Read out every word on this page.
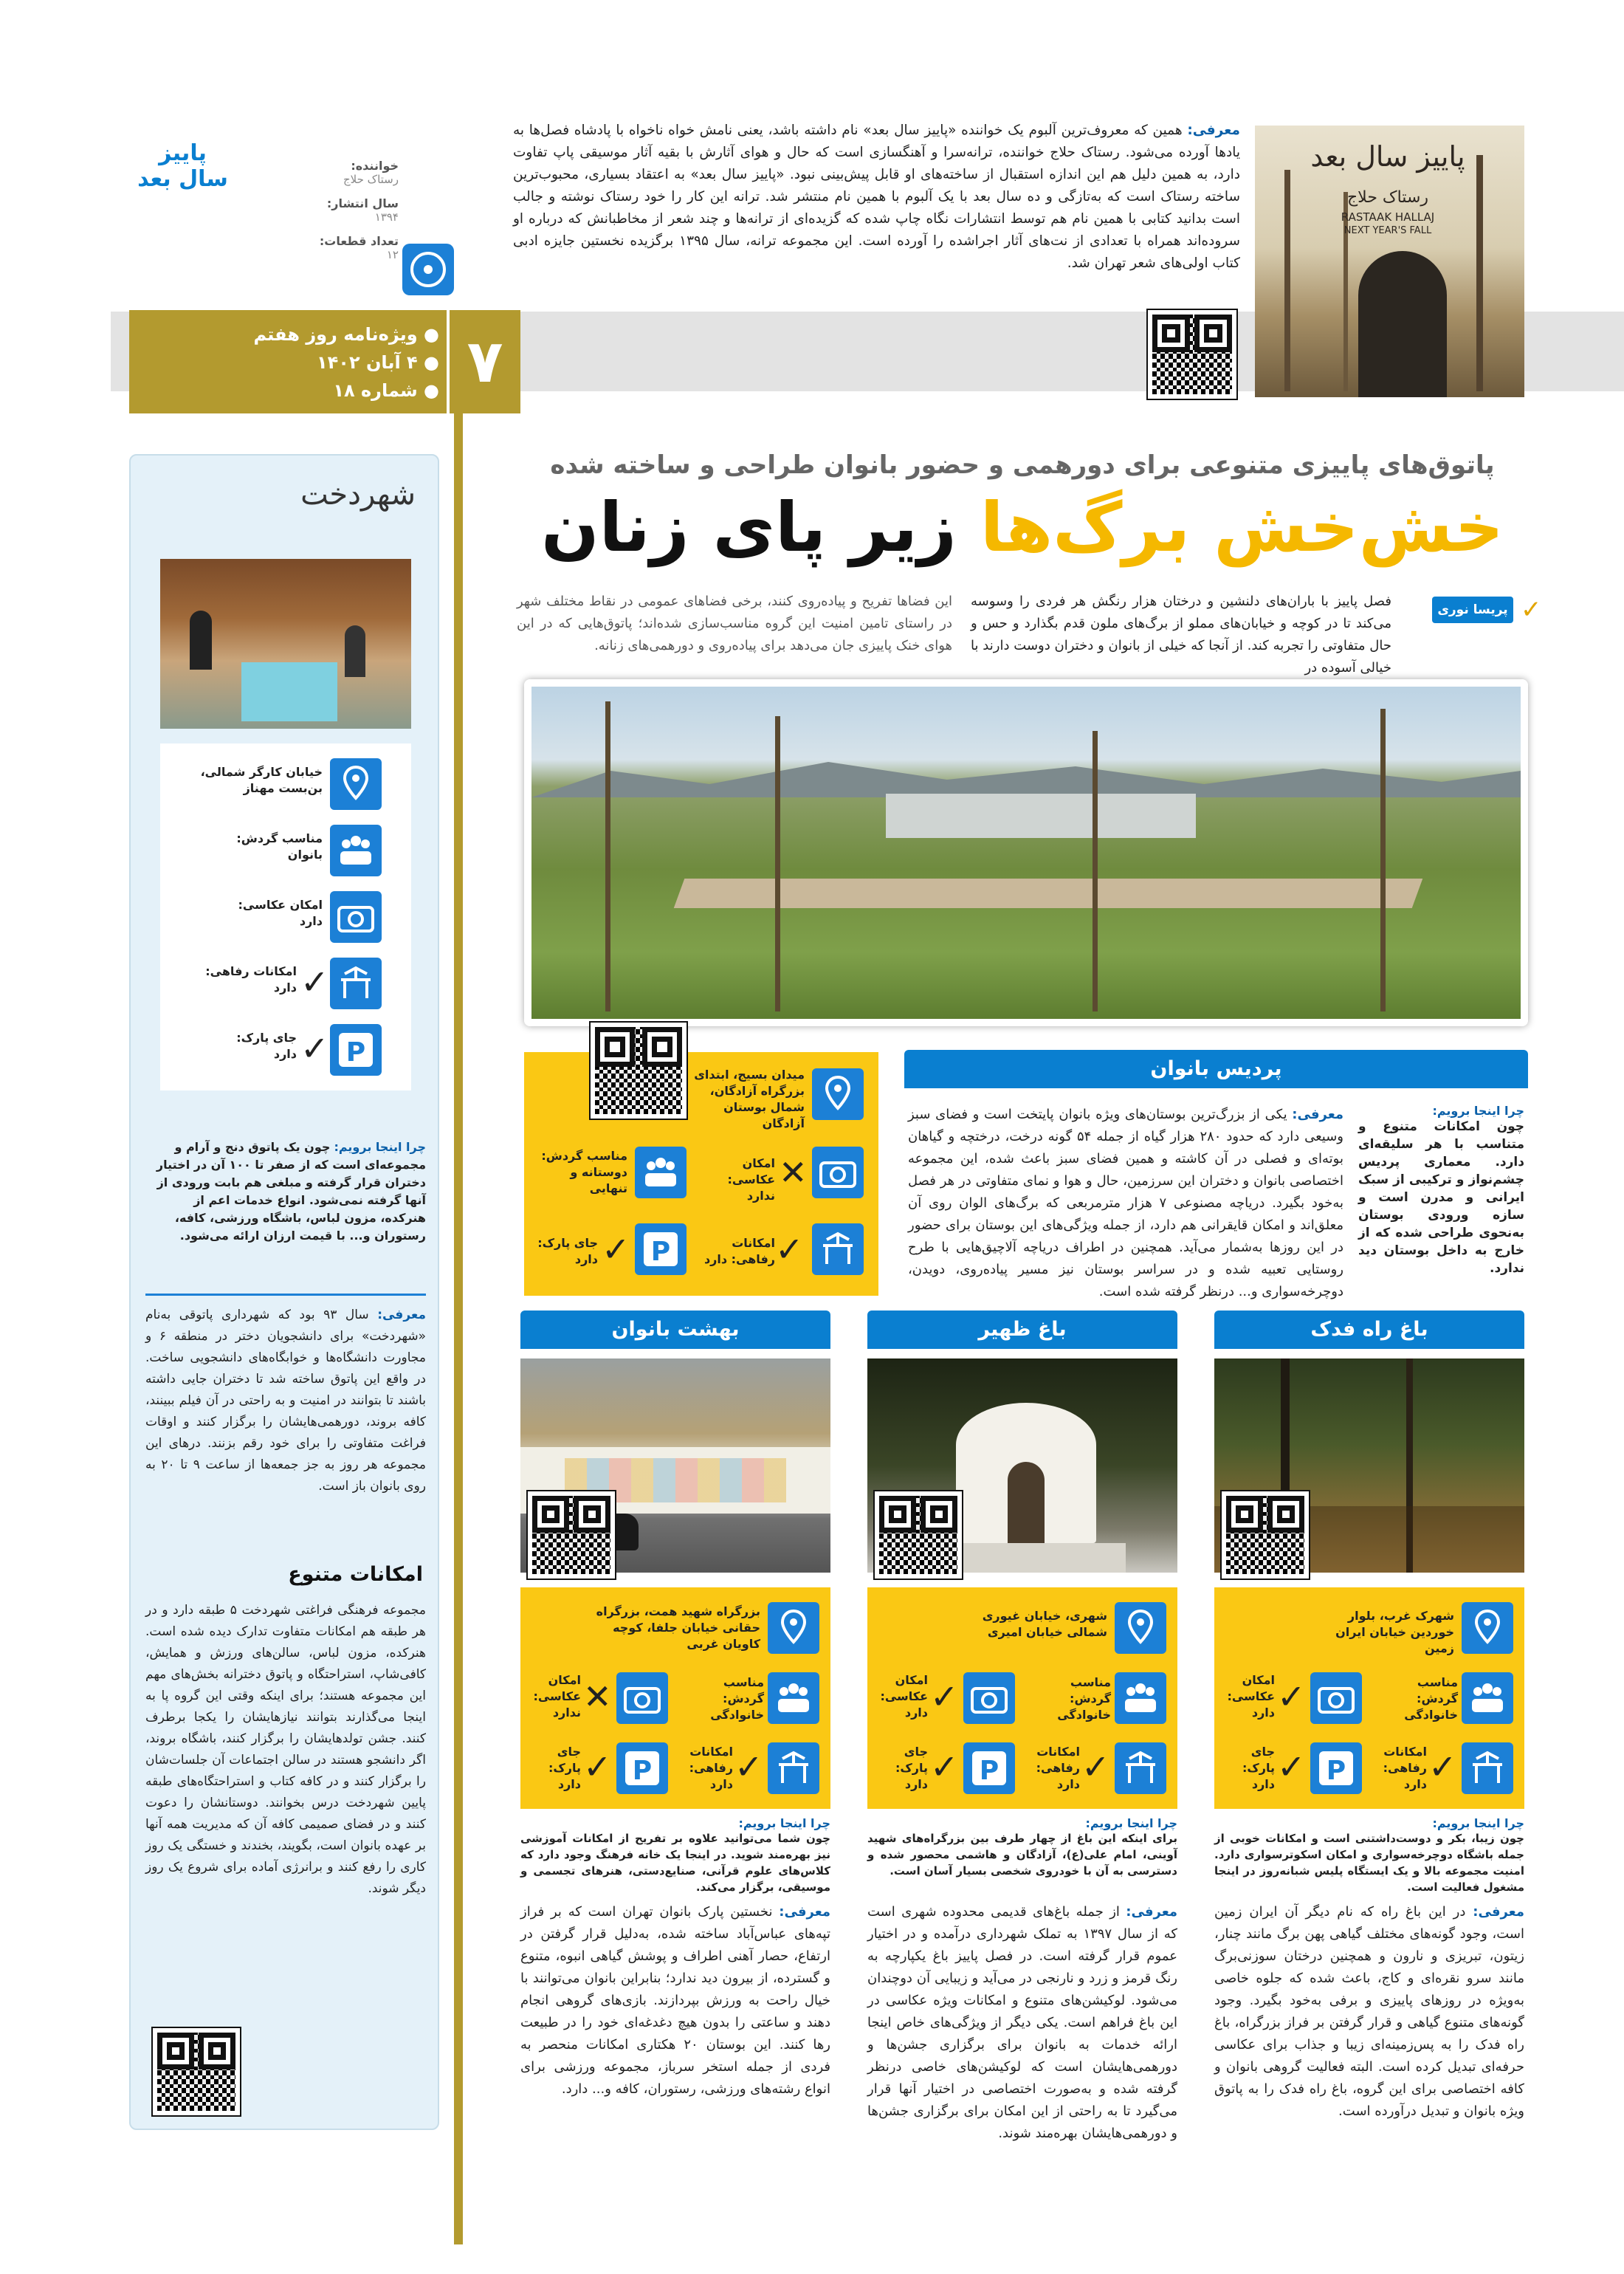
پاییز سال بعد
رستاک حلاج
RASTAAK HALLAJ
NEXT YEAR'S FALL
معرفی: همین که معروف‌ترین آلبوم یک خواننده «پاییز سال بعد» نام داشته باشد، یعنی نامش خواه ناخواه با پادشاه فصل‌ها به یادها آورده می‌شود. رستاک حلاج خواننده، ترانه‌سرا و آهنگسازی است که حال و هوای آثارش با بقیه آثار موسیقی پاپ تفاوت دارد، به همین دلیل هم این اندازه استقبال از ساخته‌های او قابل پیش‌بینی نبود. «پاییز سال بعد» به اعتقاد بسیاری، محبوب‌ترین ساخته رستاک است که به‌تازگی و ده سال بعد با یک آلبوم با همین نام منتشر شد. ترانه این کار را خود رستاک نوشته و جالب است بدانید کتابی با همین نام هم توسط انتشارات نگاه چاپ شده که گزیده‌ای از ترانه‌ها و چند شعر از مخاطبانش که درباره او سروده‌اند همراه با تعدادی از نت‌های آثار اجراشده را آورده است. این مجموعه ترانه، سال ۱۳۹۵ برگزیده نخستین جایزه ادبی کتاب اولی‌های شعر تهران شد.
خواننده:
رستاک حلاج
سال انتشار:
۱۳۹۴
تعداد قطعات:
۱۲
پاییز
سال بعد
۷
● ویژه‌نامه روز هفتم
● ۴ آبان ۱۴۰۲
● شماره ۱۸
پاتوق‌های پاییزی متنوعی برای دورهمی و حضور بانوان طراحی و ساخته شده
خش‌خش برگ‌ها زیر پای زنان
پریسا نوری ✓
فصل پاییز با باران‌های دلنشین و درختان هزار رنگش هر فردی را وسوسه می‌کند تا در کوچه و خیابان‌های مملو از برگ‌های ملون قدم بگذارد و حس و حال متفاوتی را تجربه کند. از آنجا که خیلی از بانوان و دختران دوست دارند با خیالی آسوده در
این فضاها تفریح و پیاده‌روی کنند، برخی فضاهای عمومی در نقاط مختلف شهر در راستای تامین امنیت این گروه مناسب‌سازی شده‌اند؛ پاتوق‌هایی که در این هوای خنک پاییزی جان می‌دهد برای پیاده‌روی و دورهمی‌های زنانه.
پردیس بانوان
معرفی: یکی از بزرگ‌ترین بوستان‌های ویژه بانوان پایتخت است و فضای سبز وسیعی دارد که حدود ۲۸۰ هزار گیاه از جمله ۵۴ گونه درخت، درختچه و گیاهان بوته‌ای و فصلی در آن کاشته و همین فضای سبز باعث شده، این مجموعه اختصاصی بانوان و دختران این سرزمین، حال و هوا و نمای متفاوتی در هر فصل به‌خود بگیرد. دریاچه مصنوعی ۷ هزار مترمربعی که برگ‌های الوان روی آن معلق‌اند و امکان قایقرانی هم دارد، از جمله ویژگی‌های این بوستان برای حضور در این روزها به‌شمار می‌آید. همچنین در اطراف دریاچه آلاچیق‌هایی با طرح روستایی تعبیه شده و در سراسر بوستان نیز مسیر پیاده‌روی، دویدن، دوچرخه‌سواری و... درنظر گرفته شده است.
چرا اینجا برویم:
چون امکانات متنوع و متناسب با هر سلیقه‌ای دارد. معماری پردیس چشم‌نواز و ترکیبی از سبک ایرانی و مدرن است و سازه ورودی بوستان به‌نحوی طراحی شده که از خارج به داخل بوستان دید ندارد.
میدان بسیج، ابتدای بزرگراه آزادگان، شمال بوستان آزادگان
✕
امکان عکاسی: ندارد
مناسب گردش: دوستانه و تنهایی
✓
امکانات رفاهی: دارد
P
✓
جای پارک: دارد
باغ راه فدک
شهرک غرب، بلوار خوردین خیابان ایران زمین
مناسب گردش: خانوادگی
✓
امکان عکاسی: دارد
✓
امکانات رفاهی: دارد
P
✓
جای پارک: دارد
چرا اینجا برویم:
چون زیبا، بکر و دوست‌داشتنی است و امکانات خوبی از جمله باشگاه دوچرخه‌سواری و امکان اسکوترسواری دارد. امنیت مجموعه بالا و یک ایستگاه پلیس شبانه‌روز در اینجا مشغول فعالیت است.
معرفی: در این باغ راه که نام دیگر آن ایران زمین است، وجود گونه‌های مختلف گیاهی پهن برگ مانند چنار، زیتون، تبریزی و نارون و همچنین درختان سوزنی‌برگ مانند سرو نقره‌ای و کاج، باعث شده که جلوه خاصی به‌ویژه در روزهای پاییزی و برفی به‌خود بگیرد. وجود گونه‌های متنوع گیاهی و قرار گرفتن بر فراز بزرگراه، باغ راه فدک را به پس‌زمینه‌ای زیبا و جذاب برای عکاسی حرفه‌ای تبدیل کرده است. البته فعالیت گروهی بانوان و کافه اختصاصی برای این گروه، باغ راه فدک را به پاتوق ویژه بانوان و تبدیل درآورده است.
باغ ظهیر
شهری، خیابان غیوری شمالی خیابان امیری
مناسب گردش: خانوادگی
✓
امکان عکاسی: دارد
✓
امکانات رفاهی: دارد
P
✓
جای پارک: دارد
چرا اینجا برویم:
برای اینکه این باغ از چهار طرف بین بزرگراه‌های شهید آوینی، امام علی(ع)، آزادگان و هاشمی محصور شده و دسترسی به آن با خودروی شخصی بسیار آسان است.
معرفی: از جمله باغ‌های قدیمی محدوده شهری است که از سال ۱۳۹۷ به تملک شهرداری درآمده و در اختیار عموم قرار گرفته است. در فصل پاییز باغ یکپارچه به رنگ قرمز و زرد و نارنجی در می‌آید و زیبایی آن دوچندان می‌شود. لوکیشن‌های متنوع و امکانات ویژه عکاسی در این باغ فراهم است. یکی دیگر از ویژگی‌های خاص اینجا ارائه خدمات به بانوان برای برگزاری جشن‌ها و دورهمی‌هایشان است که لوکیشن‌های خاصی درنظر گرفته شده و به‌صورت اختصاصی در اختیار آنها قرار می‌گیرد تا به راحتی از این امکان برای برگزاری جشن‌ها و دورهمی‌هایشان بهره‌مند شوند.
بهشت بانوان
بزرگراه شهید همت، بزرگراه حقانی خیابان جلفا، کوچه کاویان غربی
مناسب گردش: خانوادگی
✕
امکان عکاسی: ندارد
✓
امکانات رفاهی: دارد
P
✓
جای پارک: دارد
چرا اینجا برویم:
چون شما می‌توانید علاوه بر تفریح از امکانات آموزشی نیز بهره‌مند شوید. در اینجا یک خانه فرهنگ وجود دارد که کلاس‌های علوم قرآنی، صنایع‌دستی، هنرهای تجسمی و موسیقی، برگزار می‌کند.
معرفی: نخستین پارک بانوان تهران است که بر فراز تپه‌های عباس‌آباد ساخته شده، به‌دلیل قرار گرفتن در ارتفاع، حصار آهنی اطراف و پوشش گیاهی انبوه، متنوع و گسترده، از بیرون دید ندارد؛ بنابراین بانوان می‌توانند با خیال راحت به ورزش بپردازند. بازی‌های گروهی انجام دهند و ساعتی را بدون هیچ دغدغه‌ای خود را در طبیعت رها کنند. این بوستان ۲۰ هکتاری امکانات منحصر به فردی از جمله استخر سرباز، مجموعه ورزشی برای انواع رشته‌های ورزشی، رستوران، کافه و... دارد.
شهردخت
خیابان کارگر شمالی، بن‌بست مهناز
مناسب گردش: بانوان
امکان عکاسی: دارد
✓
امکانات رفاهی: دارد
P
✓
جای پارک: دارد
چرا اینجا برویم: چون یک پاتوق دنج و آرام و مجموعه‌ای است که از صفر تا ۱۰۰ آن در اختیار دختران قرار گرفته و مبلغی هم بابت ورودی از آنها گرفته نمی‌شود. انواع خدمات اعم از هنرکده، مزون لباس، باشگاه ورزشی، کافه، رستوران و... با قیمت ارزان ارائه می‌شود.
معرفی: سال ۹۳ بود که شهرداری پاتوقی به‌نام «شهردخت» برای دانشجویان دختر در منطقه ۶ و مجاورت دانشگاه‌ها و خوابگاه‌های دانشجویی ساخت. در واقع این پاتوق ساخته شد تا دختران جایی داشته باشند تا بتوانند در امنیت و به راحتی در آن فیلم ببینند، کافه بروند، دورهمی‌هایشان را برگزار کنند و اوقات فراغت متفاوتی را برای خود رقم بزنند. درهای این مجموعه هر روز به جز جمعه‌ها از ساعت ۹ تا ۲۰ به روی بانوان باز است.
امکانات متنوع
مجموعه فرهنگی فراغتی شهردخت ۵ طبقه دارد و در هر طبقه هم امکانات متفاوت تدارک دیده شده است. هنرکده، مزون لباس، سالن‌های ورزش و همایش، کافی‌شاپ، استراحتگاه و پاتوق دخترانه بخش‌های مهم این مجموعه هستند؛ برای اینکه وقتی این گروه پا به اینجا می‌گذارند بتوانند نیازهایشان را یکجا برطرف کنند. جشن تولدهایشان را برگزار کنند، باشگاه بروند، اگر دانشجو هستند در سالن اجتماعات آن جلسات‌شان را برگزار کنند و در کافه کتاب و استراحتگاه‌های طبقه پایین شهردخت درس بخوانند. دوستانشان را دعوت کنند و در فضای صمیمی کافه آن که مدیریت همه آنها بر عهده بانوان است، بگویند، بخندند و خستگی یک روز کاری را رفع کنند و برانرژی آماده برای شروع یک روز دیگر شوند.
